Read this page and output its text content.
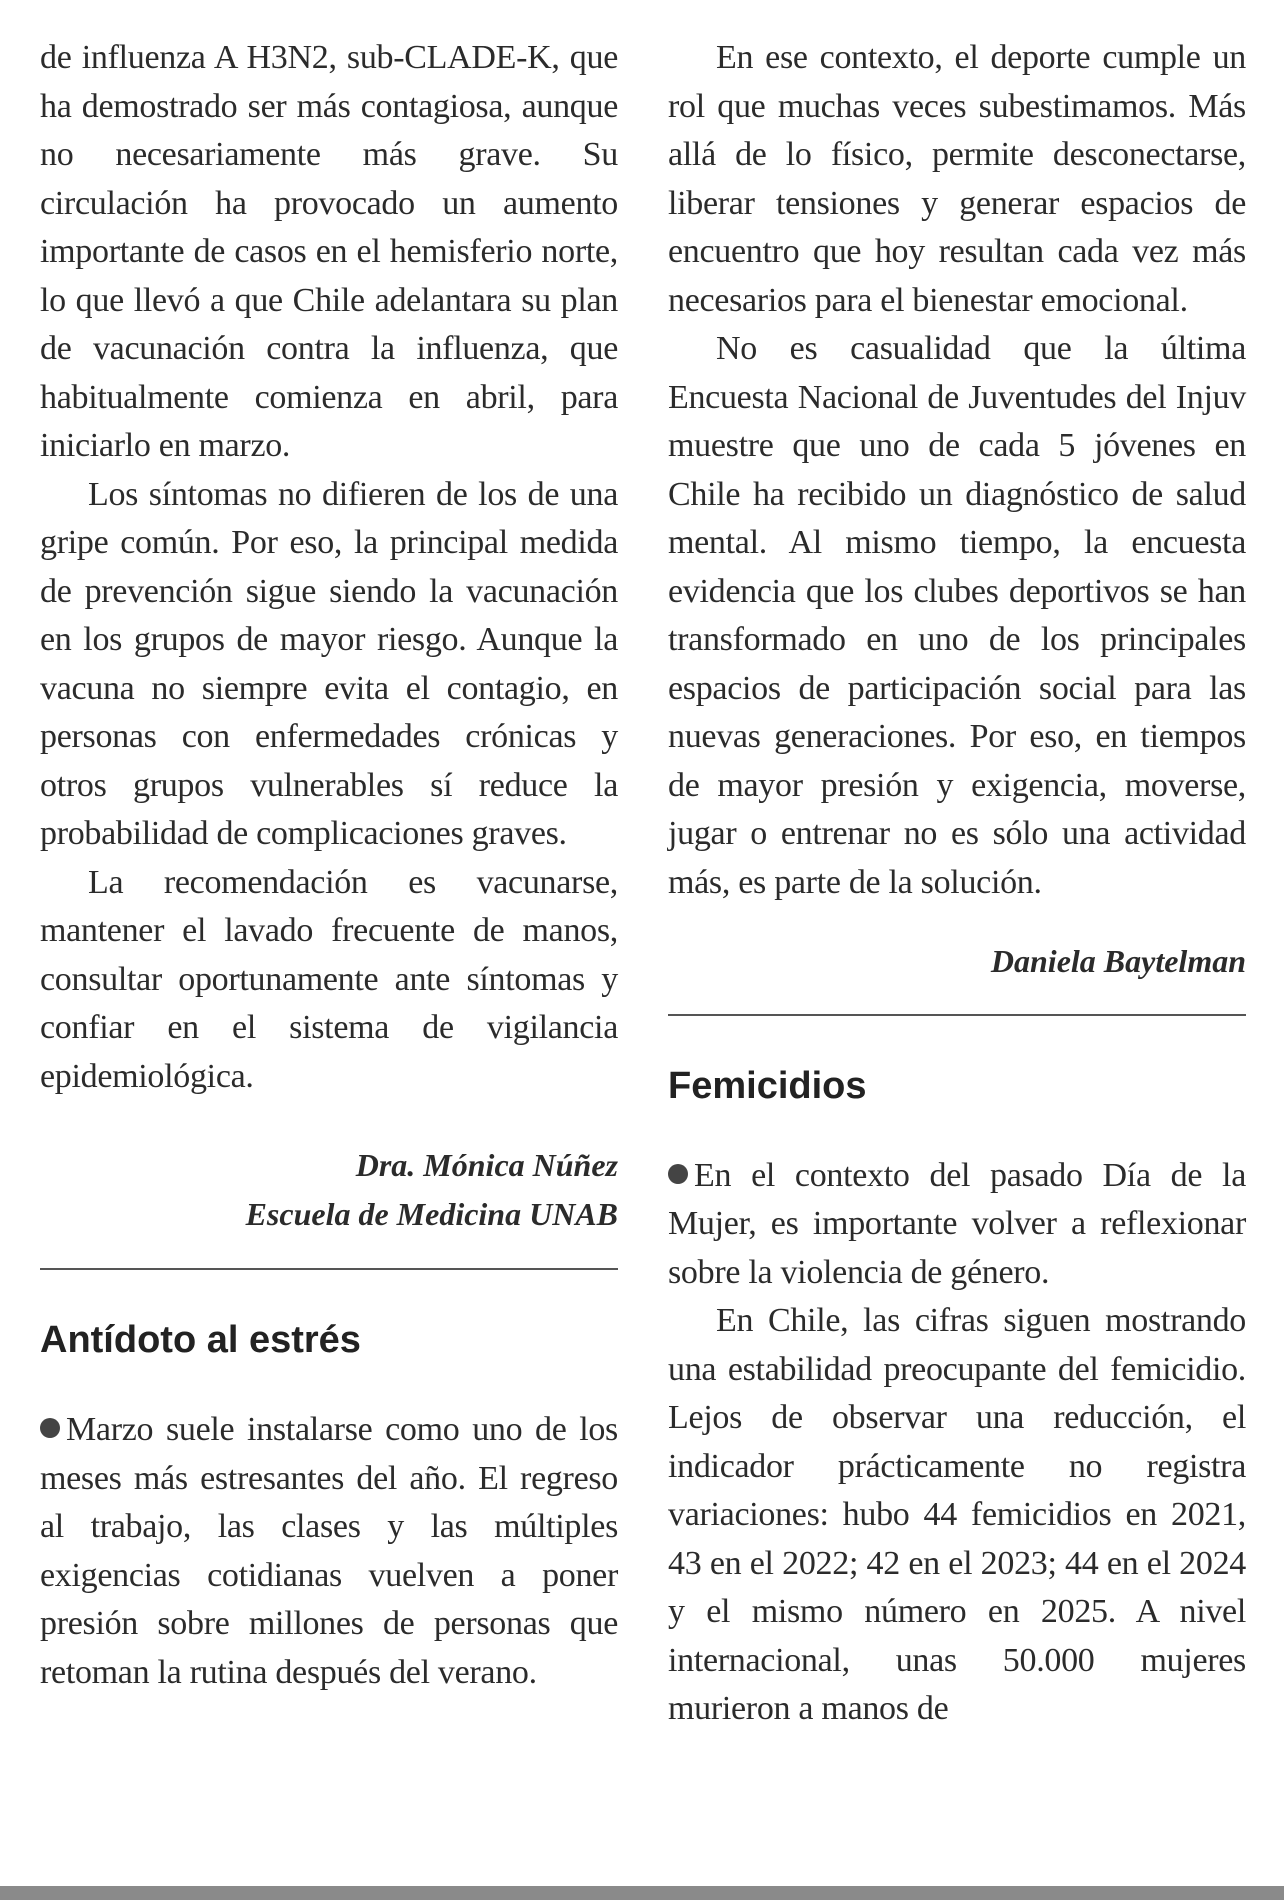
de influenza A H3N2, sub-CLADE-K, que ha demostrado ser más contagiosa, aunque no necesariamente más grave. Su circulación ha provocado un aumento importante de casos en el hemisferio norte, lo que llevó a que Chile adelantara su plan de vacunación contra la influenza, que habitualmente comienza en abril, para iniciarlo en marzo.

Los síntomas no difieren de los de una gripe común. Por eso, la principal medida de prevención sigue siendo la vacunación en los grupos de mayor riesgo. Aunque la vacuna no siempre evita el contagio, en personas con enfermedades crónicas y otros grupos vulnerables sí reduce la probabilidad de complicaciones graves.

La recomendación es vacunarse, mantener el lavado frecuente de manos, consultar oportunamente ante síntomas y confiar en el sistema de vigilancia epidemiológica.

Dra. Mónica Núñez

Escuela de Medicina UNAB

Antídoto al estrés

Marzo suele instalarse como uno de los meses más estresantes del año. El regreso al trabajo, las clases y las múltiples exigencias cotidianas vuelven a poner presión sobre millones de personas que retoman la rutina después del verano.

En ese contexto, el deporte cumple un rol que muchas veces subestimamos. Más allá de lo físico, permite desconectarse, liberar tensiones y generar espacios de encuentro que hoy resultan cada vez más necesarios para el bienestar emocional.

No es casualidad que la última Encuesta Nacional de Juventudes del Injuv muestre que uno de cada 5 jóvenes en Chile ha recibido un diagnóstico de salud mental. Al mismo tiempo, la encuesta evidencia que los clubes deportivos se han transformado en uno de los principales espacios de participación social para las nuevas generaciones. Por eso, en tiempos de mayor presión y exigencia, moverse, jugar o entrenar no es sólo una actividad más, es parte de la solución.

Daniela Baytelman

Femicidios

En el contexto del pasado Día de la Mujer, es importante volver a reflexionar sobre la violencia de género.

En Chile, las cifras siguen mostrando una estabilidad preocupante del femicidio. Lejos de observar una reducción, el indicador prácticamente no registra variaciones: hubo 44 femicidios en 2021, 43 en el 2022; 42 en el 2023; 44 en el 2024 y el mismo número en 2025. A nivel internacional, unas 50.000 mujeres murieron a manos de
